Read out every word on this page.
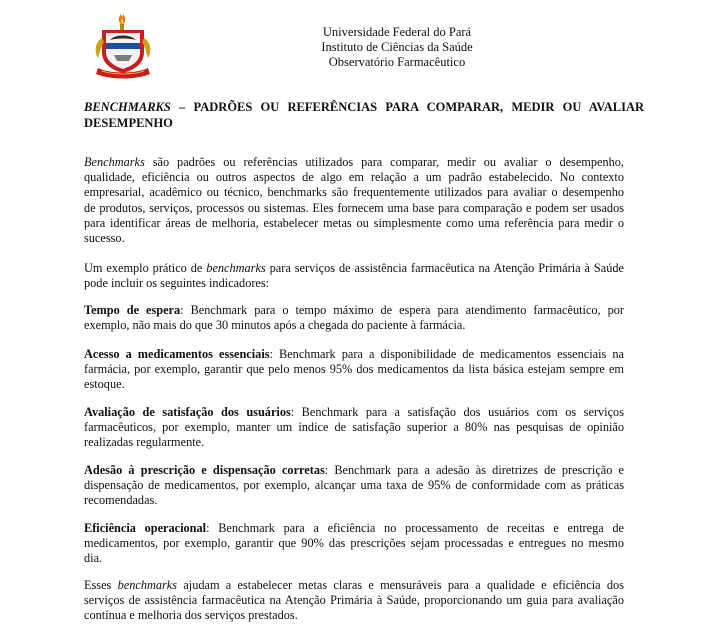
Universidade Federal do Pará
Instituto de Ciências da Saúde
Observatório Farmacêutico
BENCHMARKS – PADRÕES OU REFERÊNCIAS PARA COMPARAR, MEDIR OU AVALIAR
DESEMPENHO
Benchmarks são padrões ou referências utilizados para comparar, medir ou avaliar o desempenho,
qualidade, eficiência ou outros aspectos de algo em relação a um padrão estabelecido. No contexto
empresarial, acadêmico ou técnico, benchmarks são frequentemente utilizados para avaliar o desempenho
de produtos, serviços, processos ou sistemas. Eles fornecem uma base para comparação e podem ser usados
para identificar áreas de melhoria, estabelecer metas ou simplesmente como uma referência para medir o
sucesso.
Um exemplo prático de benchmarks para serviços de assistência farmacêutica na Atenção Primária à Saúde
pode incluir os seguintes indicadores:
Tempo de espera: Benchmark para o tempo máximo de espera para atendimento farmacêutico, por
exemplo, não mais do que 30 minutos após a chegada do paciente à farmácia.
Acesso a medicamentos essenciais: Benchmark para a disponibilidade de medicamentos essenciais na
farmácia, por exemplo, garantir que pelo menos 95% dos medicamentos da lista básica estejam sempre em
estoque.
Avaliação de satisfação dos usuários: Benchmark para a satisfação dos usuários com os serviços
farmacêuticos, por exemplo, manter um índice de satisfação superior a 80% nas pesquisas de opinião
realizadas regularmente.
Adesão à prescrição e dispensação corretas: Benchmark para a adesão às diretrizes de prescrição e
dispensação de medicamentos, por exemplo, alcançar uma taxa de 95% de conformidade com as práticas
recomendadas.
Eficiência operacional: Benchmark para a eficiência no processamento de receitas e entrega de
medicamentos, por exemplo, garantir que 90% das prescrições sejam processadas e entregues no mesmo
dia.
Esses benchmarks ajudam a estabelecer metas claras e mensuráveis para a qualidade e eficiência dos
serviços de assistência farmacêutica na Atenção Primária à Saúde, proporcionando um guia para avaliação
contínua e melhoria dos serviços prestados.
